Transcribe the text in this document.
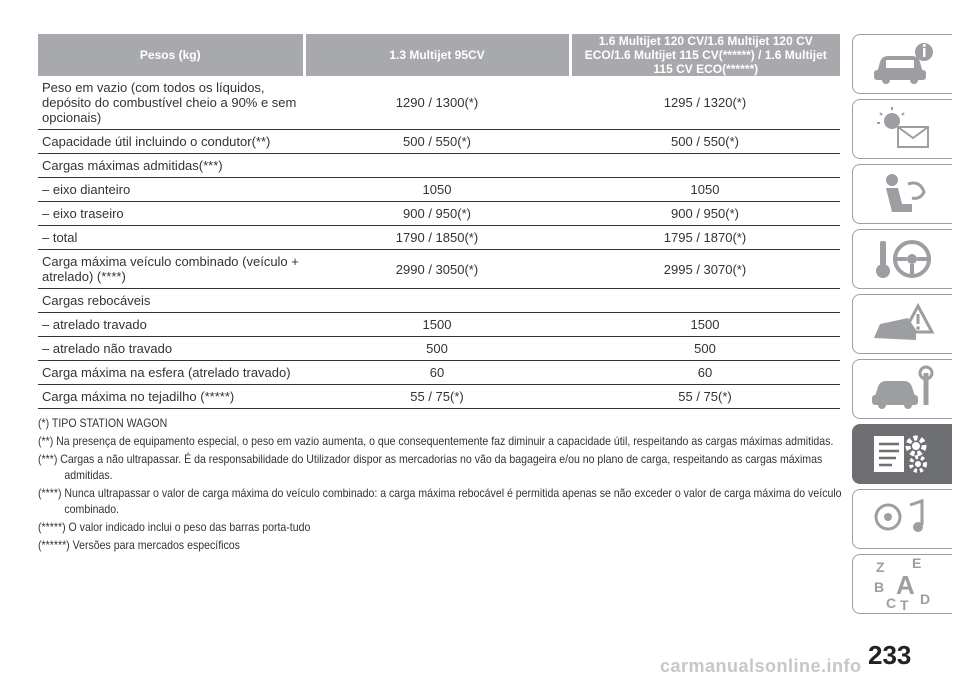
Pesos (kg)	1.3 Multijet 95CV	1.6 Multijet 120 CV/1.6 Multijet 120 CV ECO/1.6 Multijet 115 CV(******) / 1.6 Multijet 115 CV ECO(******)
Peso em vazio (com todos os líquidos, depósito do combustível cheio a 90% e sem opcionais)	1290 / 1300(*)	1295 / 1320(*)
Capacidade útil incluindo o condutor(**)	500 / 550(*)	500 / 550(*)
Cargas máximas admitidas(***)		
– eixo dianteiro	1050	1050
– eixo traseiro	900 / 950(*)	900 / 950(*)
– total	1790 / 1850(*)	1795 / 1870(*)
Carga máxima veículo combinado (veículo + atrelado) (****)	2990 / 3050(*)	2995 / 3070(*)
Cargas rebocáveis		
– atrelado travado	1500	1500
– atrelado não travado	500	500
Carga máxima na esfera (atrelado travado)	60	60
Carga máxima no tejadilho (*****)	55 / 75(*)	55 / 75(*)
(*) TIPO STATION WAGON
(**) Na presença de equipamento especial, o peso em vazio aumenta, o que consequentemente faz diminuir a capacidade útil, respeitando as cargas máximas admitidas.
(***) Cargas a não ultrapassar. É da responsabilidade do Utilizador dispor as mercadorias no vão da bagageira e/ou no plano de carga, respeitando as cargas máximas admitidas.
(****) Nunca ultrapassar o valor de carga máxima do veículo combinado: a carga máxima rebocável é permitida apenas se não exceder o valor de carga máxima do veículo combinado.
(*****) O valor indicado inclui o peso das barras porta-tudo
(******) Versões para mercados específicos
Z E
B A
C T D
233
carmanualsonline.info
